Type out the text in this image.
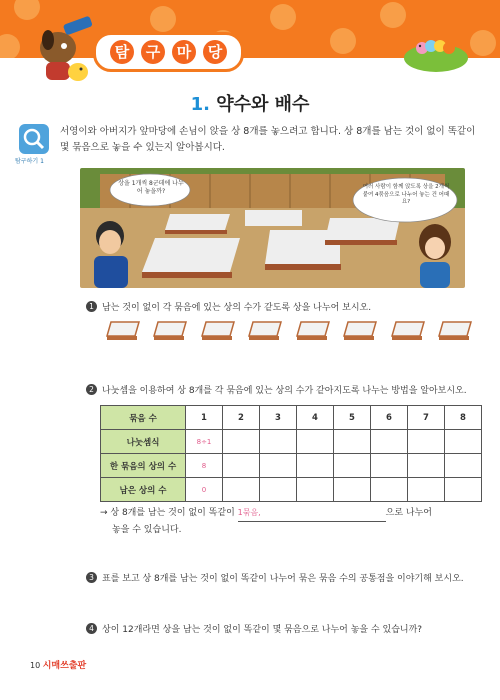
탐	구	마	당
1. 약수와 배수
탐구하기 1
서영이와 아버지가 앞마당에 손님이 앉을 상 8개를 놓으려고 합니다. 상 8개를 남는 것이 없이 똑같이 몇 묶음으로 놓을 수 있는지 알아봅시다.
상을 1개씩 8군데에 나누어 놓을까?
여러 사람이 함께 앉도록 상을 2개씩 붙여 4묶음으로 나누어 놓는 건 어때요?
1 남는 것이 없이 각 묶음에 있는 상의 수가 같도록 상을 나누어 보시오.
2 나눗셈을 이용하여 상 8개를 각 묶음에 있는 상의 수가 같아지도록 나누는 방법을 알아보시오.
묶음 수	1	2	3	4	5	6	7	8
나눗셈식	8÷1							
한 묶음의 상의 수	8							
남은 상의 수	0							
→ 상 8개를 남는 것이 없이 똑같이 1묶음,	으로 나누어
놓을 수 있습니다.
3 표를 보고 상 8개를 남는 것이 없이 똑같이 나누어 묶은 묶음 수의 공통점을 이야기해 보시오.
4 상이 12개라면 상을 남는 것이 없이 똑같이 몇 묶음으로 나누어 놓을 수 있습니까?
10 시매쓰출판
